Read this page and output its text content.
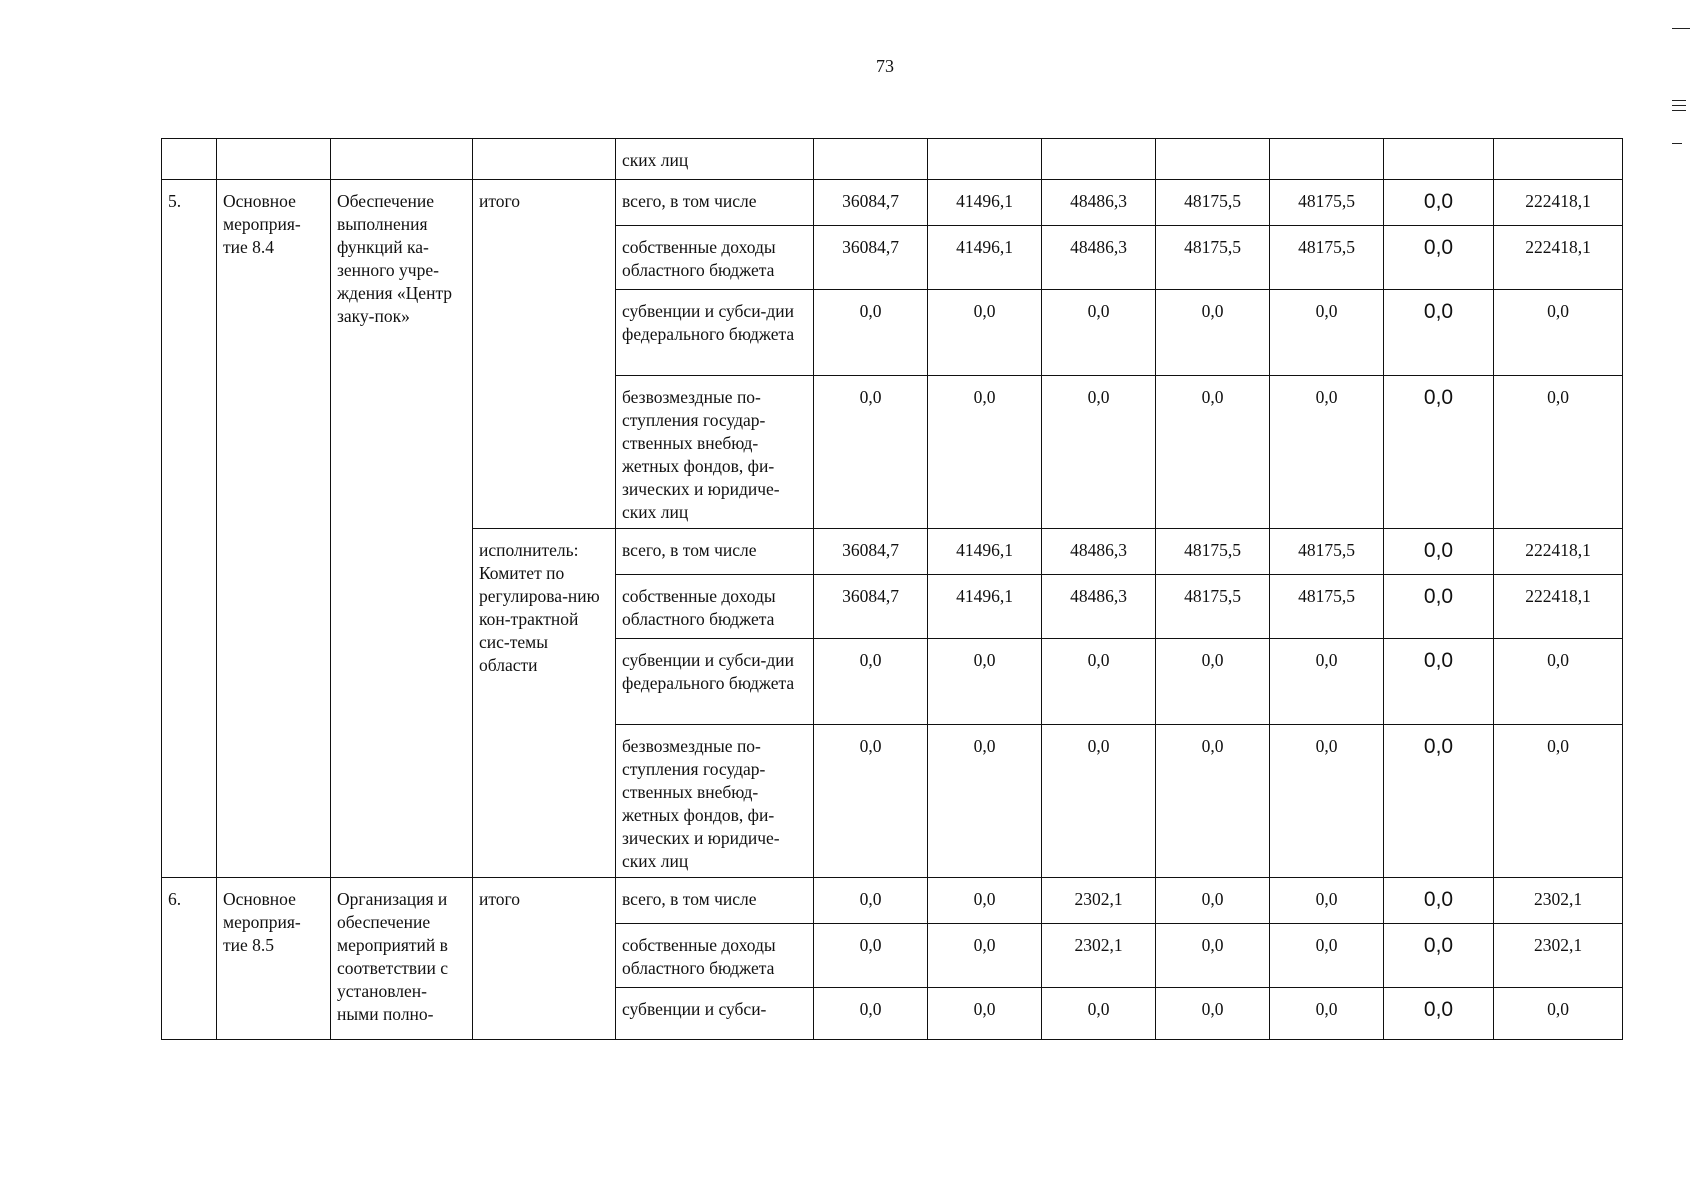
73
				ских лиц							
5.	Основное мероприя-тие 8.4	Обеспечение выполнения функций ка-зенного учре-ждения «Центр заку-пок»	итого	всего, в том числе	36084,7	41496,1	48486,3	48175,5	48175,5	0,0	222418,1
				собственные доходы областного бюджета	36084,7	41496,1	48486,3	48175,5	48175,5	0,0	222418,1
				субвенции и субси-дии федерального бюджета	0,0	0,0	0,0	0,0	0,0	0,0	0,0
				безвозмездные по-ступления государ-ственных внебюд-жетных фондов, фи-зических и юридиче-ских лиц	0,0	0,0	0,0	0,0	0,0	0,0	0,0
			исполнитель: Комитет по регулирова-нию кон-трактной сис-темы области	всего, в том числе	36084,7	41496,1	48486,3	48175,5	48175,5	0,0	222418,1
				собственные доходы областного бюджета	36084,7	41496,1	48486,3	48175,5	48175,5	0,0	222418,1
				субвенции и субси-дии федерального бюджета	0,0	0,0	0,0	0,0	0,0	0,0	0,0
				безвозмездные по-ступления государ-ственных внебюд-жетных фондов, фи-зических и юридиче-ских лиц	0,0	0,0	0,0	0,0	0,0	0,0	0,0
6.	Основное мероприя-тие 8.5	Организация и обеспечение мероприятий в соответствии с установлен-ными полно-	итого	всего, в том числе	0,0	0,0	2302,1	0,0	0,0	0,0	2302,1
				собственные доходы областного бюджета	0,0	0,0	2302,1	0,0	0,0	0,0	2302,1
				субвенции и субси-	0,0	0,0	0,0	0,0	0,0	0,0	0,0
